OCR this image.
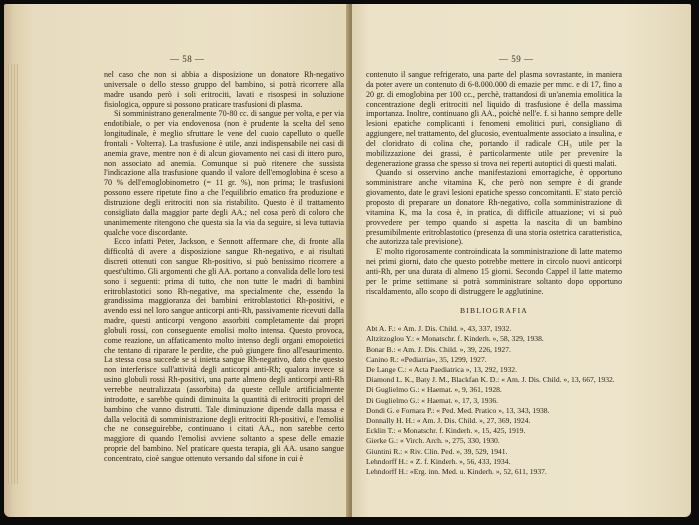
— 58 —

nel caso che non si abbia a disposizione un donatore Rh-negativo universale o dello stesso gruppo del bambino, si potrà ricorrere alla madre usando però i soli eritrociti, lavati e risospesi in soluzione fisiologica, oppure si possono praticare trasfusioni di plasma.

Si somministrano generalmente 70-80 cc. di sangue per volta, e per via endotibiale, o per via endovenosa (non è prudente la scelta del seno longitudinale, è meglio sfruttare le vene del cuoio capelluto o quelle frontali - Volterra). La trasfusione è utile, anzi indispensabile nei casi di anemia grave, mentre non è di alcun giovamento nei casi di ittero puro, non associato ad anemia. Comunque si può ritenere che sussista l'indicazione alla trasfusione quando il valore dell'emoglobina è sceso a 70 % dell'emoglobinometro (= 11 gr. %), non prima; le trasfusioni possono essere ripetute fino a che l'equilibrio ematico fra produzione e distruzione degli eritrociti non sia ristabilito. Questo è il trattamento consigliato dalla maggior parte degli AA.; nel cosa però di coloro che unanimemente ritengono che questa sia la via da seguire, si leva tuttavia qualche voce discordante.

Ecco infatti Peter, Jackson, e Sennott affermare che, di fronte alla difficoltà di avere a disposizione sangue Rh-negativo, e ai risultati discreti ottenuti con sangue Rh-positivo, si può benissimo ricorrere a quest'ultimo. Gli argomenti che gli AA. portano a convalida delle loro tesi sono i seguenti: prima di tutto, che non tutte le madri di bambini eritroblastotici sono Rh-negative, ma specialmente che, essendo la grandissima maggioranza dei bambini eritroblastotici Rh-positivi, e avendo essi nel loro sangue anticorpi anti-Rh, passivamente ricevuti dalla madre, questi anticorpi vengono assorbiti completamente dai propri globuli rossi, con conseguente emolisi molto intensa. Questo provoca, come reazione, un affaticamento molto intenso degli organi emopoietici che tentano di riparare le perdite, che può giungere fino all'esaurimento. La stessa cosa succede se si inietta sangue Rh-negativo, dato che questo non interferisce sull'attività degli anticorpi anti-Rh; qualora invece si usino globuli rossi Rh-positivi, una parte almeno degli anticorpi anti-Rh verrebbe neutralizzata (assorbita) da queste cellule artificialmente introdotte, e sarebbe quindi diminuita la quantità di eritrociti propri del bambino che vanno distrutti. Tale diminuzione dipende dalla massa e dalla velocità di somministrazione degli eritrociti Rh-positivi, e l'emolisi che ne conseguirebbe, continuano i citati AA., non sarebbe certo maggiore di quando l'emolisi avviene soltanto a spese delle emazie proprie del bambino. Nel praticare questa terapia, gli AA. usano sangue concentrato, cioè sangue ottenuto versando dal sifone in cui è

— 59 —

contenuto il sangue refrigerato, una parte del plasma sovrastante, in maniera da poter avere un contenuto di 6-8.000.000 di emazie per mmc. e di 17, fino a 20 gr. di emoglobina per 100 cc., perchè, trattandosi di un'anemia emolitica la concentrazione degli eritrociti nel liquido di trasfusione è della massima importanza. Inoltre, continuano gli AA., poichè nell'e. f. si hanno sempre delle lesioni epatiche complicanti i fenomeni emolitici puri, consigliano di aggiungere, nel trattamento, del glucosio, eventualmente associato a insulina, e del cloridrato di colina che, portando il radicale CH₃ utile per la mobilizzazione dei grassi, è particolarmente utile per prevenire la degenerazione grassa che spesso si trova nei reperti autoptici di questi malati.

Quando si osservino anche manifestazioni emorragiche, è opportuno somministrare anche vitamina K, che però non sempre è di grande giovamento, date le gravi lesioni epatiche spesso concomitanti. E' stato perciò proposto di preparare un donatore Rh-negativo, colla somministrazione di vitamina K, ma la cosa è, in pratica, di difficile attuazione; vi si può provvedere per tempo quando si aspetta la nascita di un bambino presumibilmente eritroblastotico (presenza di una storia ostetrica caratteristica, che autorizza tale previsione).

E' molto rigorosamente controindicata la somministrazione di latte materno nei primi giorni, dato che questo potrebbe mettere in circolo nuovi anticorpi anti-Rh, per una durata di almeno 15 giorni. Secondo Cappel il latte materno per le prime settimane si potrà somministrare soltanto dopo opportuno riscaldamento, allo scopo di distruggere le agglutinine.

BIBLIOGRAFIA
Abt A. F.: « Am. J. Dis. Child. », 43, 337, 1932.
Altzitzoglou Y.: « Monatschr. f. Kinderh. », 58, 329, 1938.
Bonar B.: « Am. J. Dis. Child. », 39, 226, 1927.
Canino R.: «Pediatria», 35, 1299, 1927.
De Lange C.: « Acta Paediatrica », 13, 292, 1932.
Diamond L. K., Baty J. M., Blackfan K. D.: « Am. J. Dis. Child. », 13, 667, 1932.
Di Guglielmo G.: « Haemat. », 9, 361, 1928.
Di Guglielmo G.: « Haemat. », 17, 3, 1936.
Dondi G. e Fornara P.: « Ped. Med. Pratico », 13, 343, 1938.
Donnally H. H.: « Am. J. Dis. Child. », 27, 369, 1924.
Ecklin T.: « Monatschr. f. Kinderh. », 15, 425, 1919.
Gierke G.: « Virch. Arch. », 275, 330, 1930.
Giuntini R.: « Riv. Clin. Ped. », 39, 529, 1941.
Lehndorff H.: « Z. f. Kinderh. », 56, 433, 1934.
Lehndorff H.: «Erg. inn. Med. u. Kinderh. », 52, 611, 1937.
